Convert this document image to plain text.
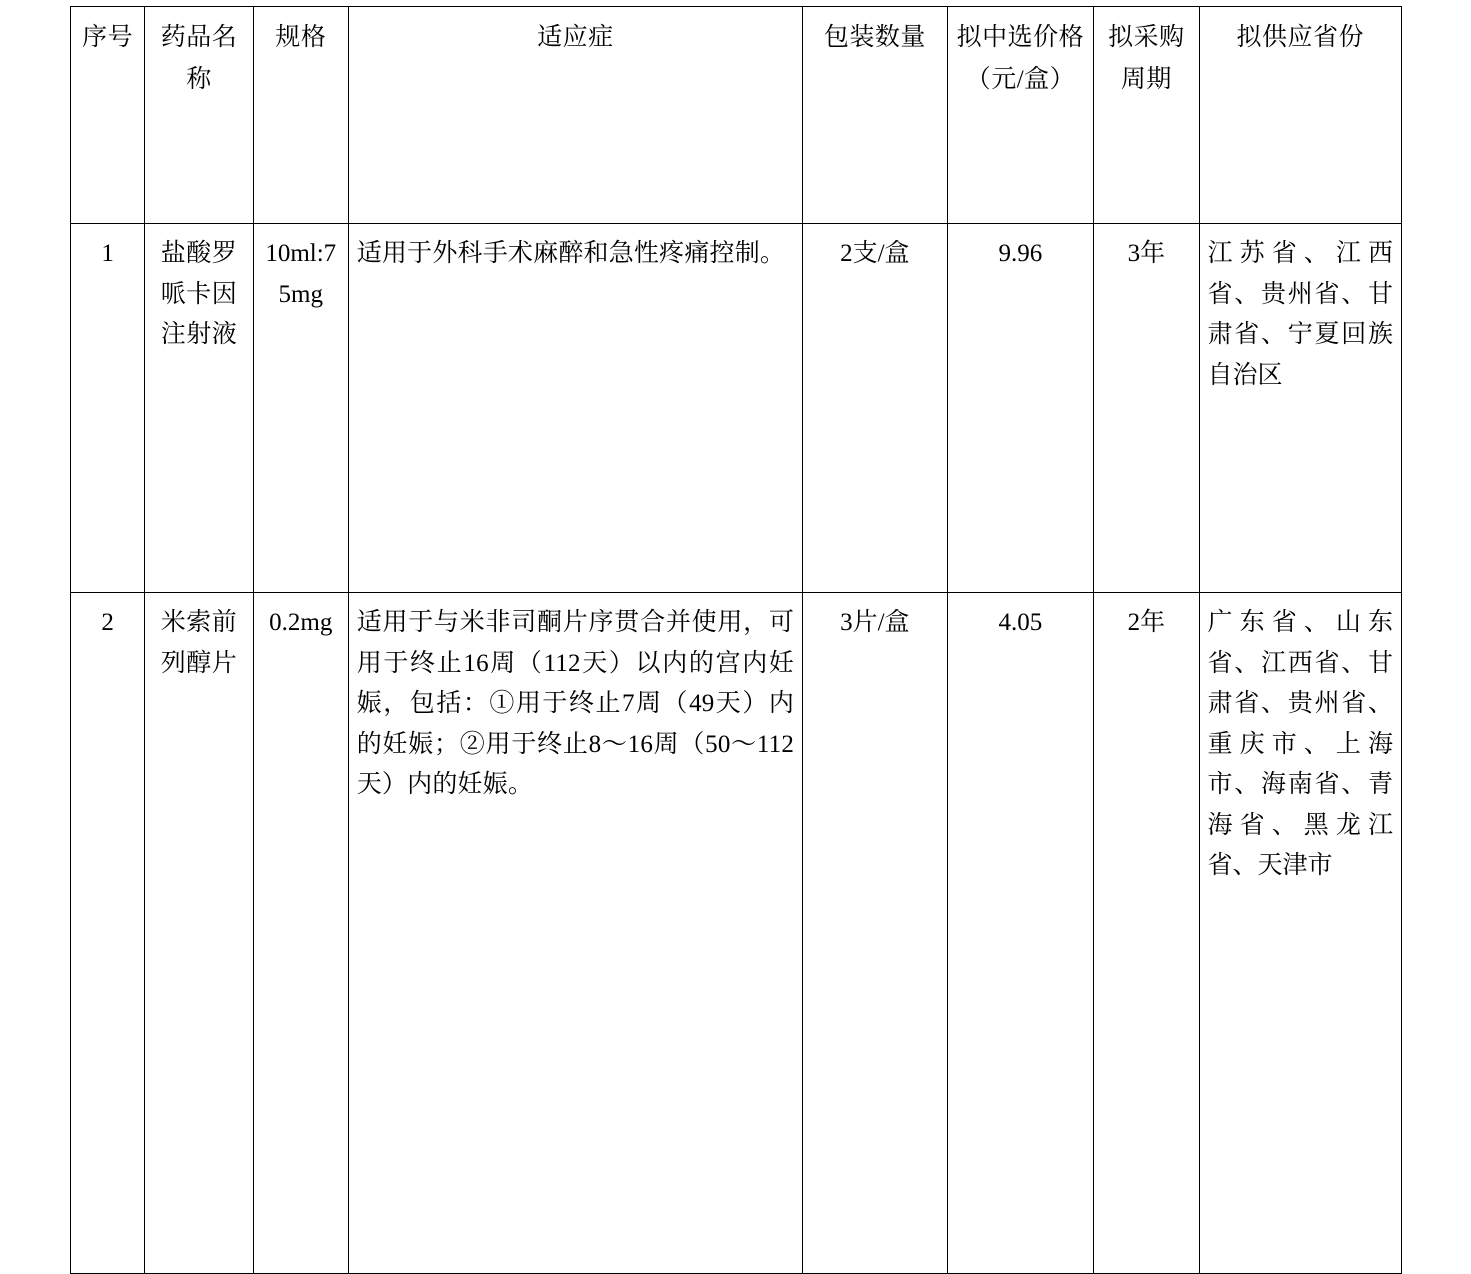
序号	药品名称	规格	适应症	包装数量	拟中选价格（元/盒）	拟采购周期	拟供应省份

1	盐酸罗哌卡因注射液	10ml:75mg	适用于外科手术麻醉和急性疼痛控制。	2支/盒	9.96	3年	江苏省、江西省、贵州省、甘肃省、宁夏回族自治区
2	米索前列醇片	0.2mg	适用于与米非司酮片序贯合并使用，可用于终止16周（112天）以内的宫内妊娠，包括：①用于终止7周（49天）内的妊娠；②用于终止8～16周（50～112天）内的妊娠。	3片/盒	4.05	2年	广东省、山东省、江西省、甘肃省、贵州省、重庆市、上海市、海南省、青海省、黑龙江省、天津市
